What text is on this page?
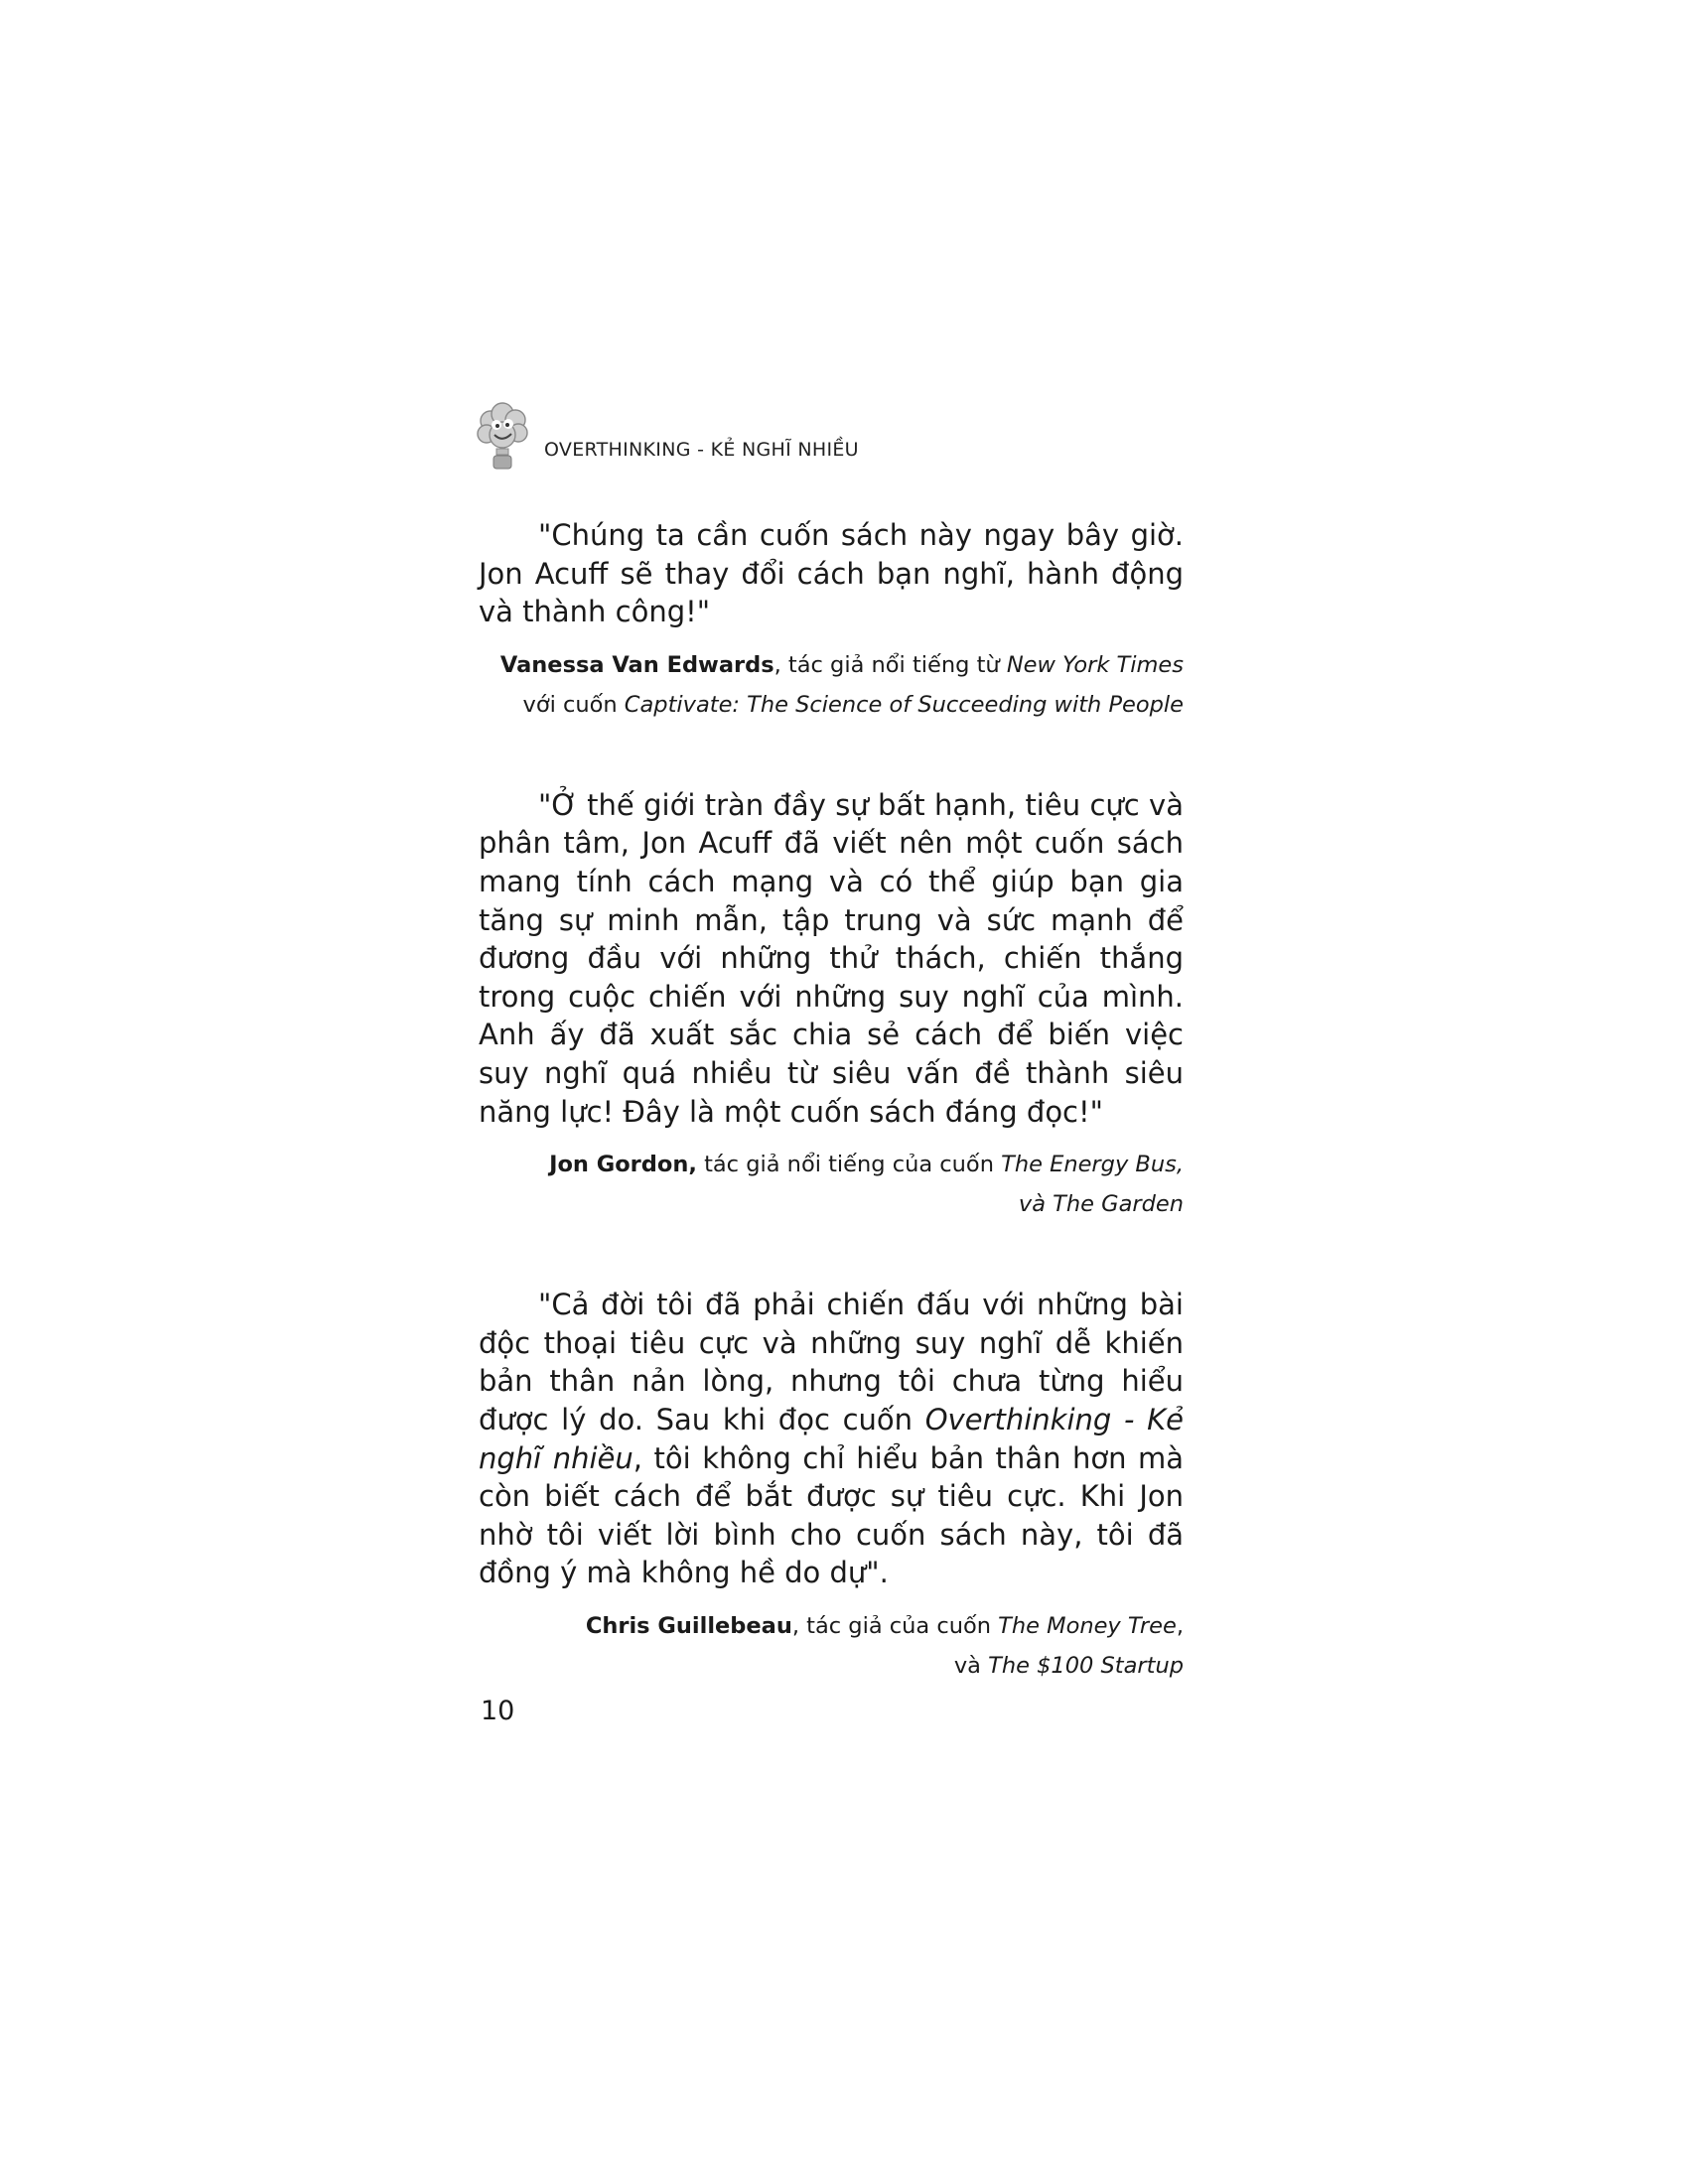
OVERTHINKING - KẺ NGHĨ NHIỀU

"Chúng ta cần cuốn sách này ngay bây giờ. Jon Acuff sẽ thay đổi cách bạn nghĩ, hành động và thành công!"

Vanessa Van Edwards, tác giả nổi tiếng từ New York Times
với cuốn Captivate: The Science of Succeeding with People

"Ở thế giới tràn đầy sự bất hạnh, tiêu cực và phân tâm, Jon Acuff đã viết nên một cuốn sách mang tính cách mạng và có thể giúp bạn gia tăng sự minh mẫn, tập trung và sức mạnh để đương đầu với những thử thách, chiến thắng trong cuộc chiến với những suy nghĩ của mình. Anh ấy đã xuất sắc chia sẻ cách để biến việc suy nghĩ quá nhiều từ siêu vấn đề thành siêu năng lực! Đây là một cuốn sách đáng đọc!"

Jon Gordon, tác giả nổi tiếng của cuốn The Energy Bus,
và The Garden

"Cả đời tôi đã phải chiến đấu với những bài độc thoại tiêu cực và những suy nghĩ dễ khiến bản thân nản lòng, nhưng tôi chưa từng hiểu được lý do. Sau khi đọc cuốn Overthinking - Kẻ nghĩ nhiều, tôi không chỉ hiểu bản thân hơn mà còn biết cách để bắt được sự tiêu cực. Khi Jon nhờ tôi viết lời bình cho cuốn sách này, tôi đã đồng ý mà không hề do dự".

Chris Guillebeau, tác giả của cuốn The Money Tree,
và The $100 Startup

10
